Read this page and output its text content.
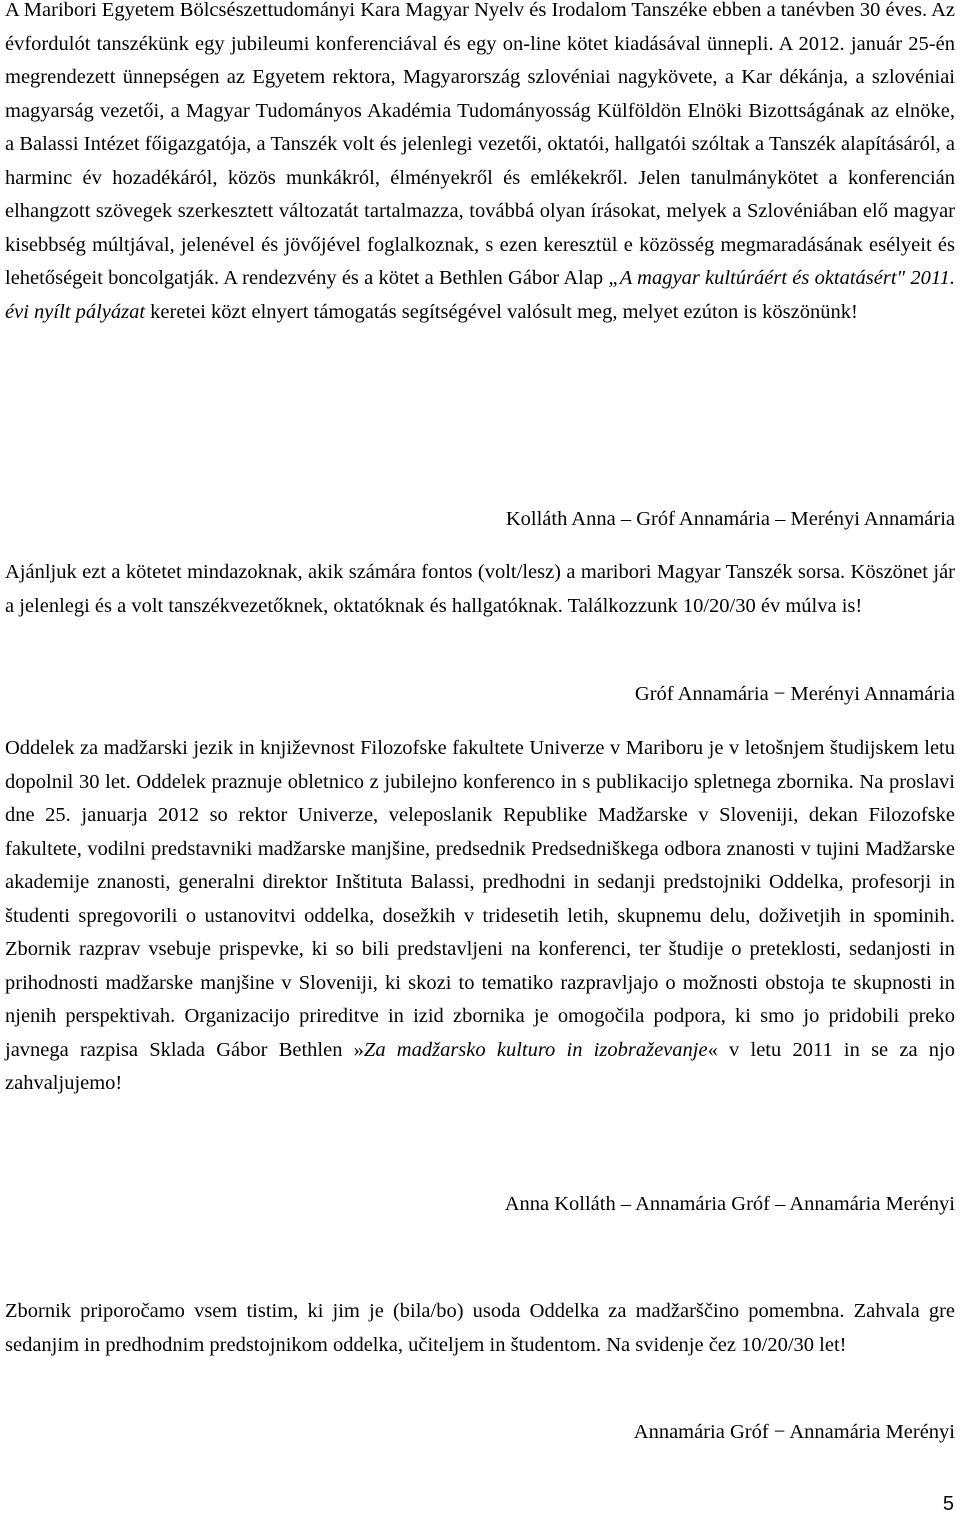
A Maribori Egyetem Bölcsészettudományi Kara Magyar Nyelv és Irodalom Tanszéke ebben a tanévben 30 éves. Az évfordulót tanszékünk egy jubileumi konferenciával és egy on-line kötet kiadásával ünnepli. A 2012. január 25-én megrendezett ünnepségen az Egyetem rektora, Magyarország szlovéniai nagykövete, a Kar dékánja, a szlovéniai magyarság vezetői, a Magyar Tudományos Akadémia Tudományosság Külföldön Elnöki Bizottságának az elnöke, a Balassi Intézet főigazgatója, a Tanszék volt és jelenlegi vezetői, oktatói, hallgatói szóltak a Tanszék alapításáról, a harminc év hozadékáról, közös munkákról, élményekről és emlékekről. Jelen tanulmánykötet a konferencián elhangzott szövegek szerkesztett változatát tartalmazza, továbbá olyan írásokat, melyek a Szlovéniában elő magyar kisebbség múltjával, jelenével és jövőjével foglalkoznak, s ezen keresztül e közösség megmaradásának esélyeit és lehetőségeit boncolgatják. A rendezvény és a kötet a Bethlen Gábor Alap „A magyar kultúráért és oktatásért" 2011. évi nyílt pályázat keretei közt elnyert támogatás segítségével valósult meg, melyet ezúton is köszönünk!

Kolláth Anna – Gróf Annamária – Merényi Annamária

Ajánljuk ezt a kötetet mindazoknak, akik számára fontos (volt/lesz) a maribori Magyar Tanszék sorsa. Köszönet jár a jelenlegi és a volt tanszékvezetőknek, oktatóknak és hallgatóknak. Találkozzunk 10/20/30 év múlva is!

Gróf Annamária − Merényi Annamária

Oddelek za madžarski jezik in književnost Filozofske fakultete Univerze v Mariboru je v letošnjem študijskem letu dopolnil 30 let. Oddelek praznuje obletnico z jubilejno konferenco in s publikacijo spletnega zbornika. Na proslavi dne 25. januarja 2012 so rektor Univerze, veleposlanik Republike Madžarske v Sloveniji, dekan Filozofske fakultete, vodilni predstavniki madžarske manjšine, predsednik Predsedniškega odbora znanosti v tujini Madžarske akademije znanosti, generalni direktor Inštituta Balassi, predhodni in sedanji predstojniki Oddelka, profesorji in študenti spregovorili o ustanovitvi oddelka, dosežkih v tridesetih letih, skupnemu delu, doživetjih in spominih. Zbornik razprav vsebuje prispevke, ki so bili predstavljeni na konferenci, ter študije o preteklosti, sedanjosti in prihodnosti madžarske manjšine v Sloveniji, ki skozi to tematiko razpravljajo o možnosti obstoja te skupnosti in njenih perspektivah. Organizacijo prireditve in izid zbornika je omogočila podpora, ki smo jo pridobili preko javnega razpisa Sklada Gábor Bethlen »Za madžarsko kulturo in izobraževanje« v letu 2011 in se za njo zahvaljujemo!

Anna Kolláth – Annamária Gróf – Annamária Merényi

Zbornik priporočamo vsem tistim, ki jim je (bila/bo) usoda Oddelka za madžarščino pomembna. Zahvala gre sedanjim in predhodnim predstojnikom oddelka, učiteljem in študentom. Na svidenje čez 10/20/30 let!

Annamária Gróf − Annamária Merényi

5
